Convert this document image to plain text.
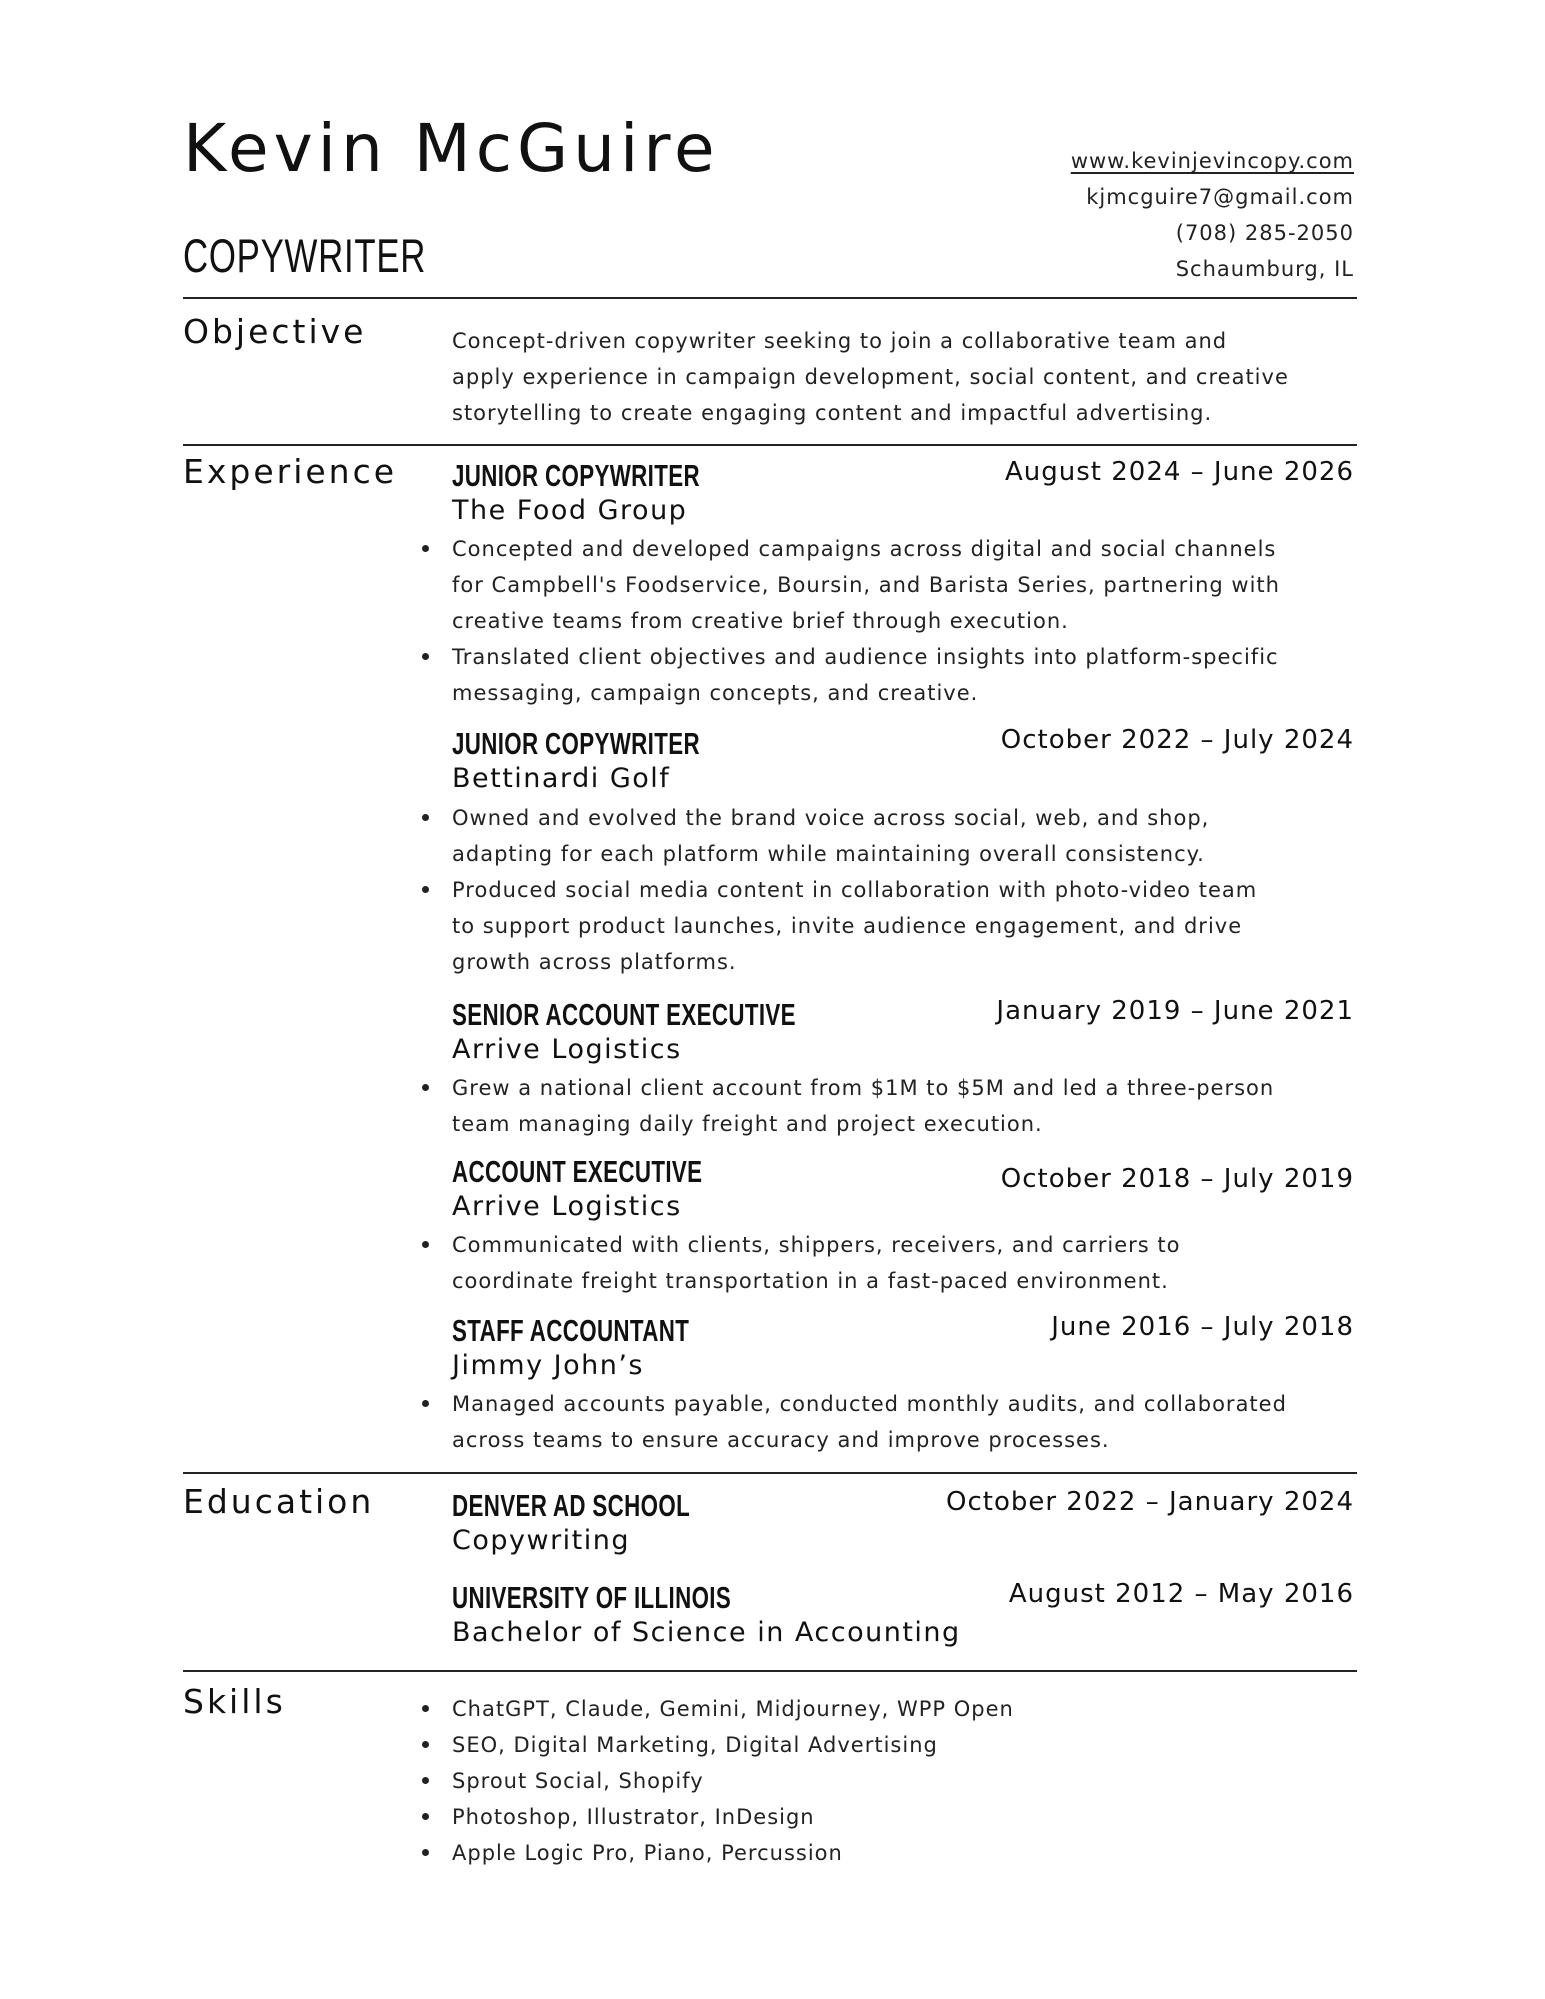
Kevin McGuire
COPYWRITER
www.kevinjevincopy.com
kjmcguire7@gmail.com
(708) 285-2050
Schaumburg, IL
Objective	Concept-driven copywriter seeking to join a collaborative team and
apply experience in campaign development, social content, and creative
storytelling to create engaging content and impactful advertising.
Experience JUNIOR COPYWRITER	August 2024 – June 2026
The Food Group
Concepted and developed campaigns across digital and social channels
for Campbell's Foodservice, Boursin, and Barista Series, partnering with
creative teams from creative brief through execution.
Translated client objectives and audience insights into platform-specific
messaging, campaign concepts, and creative.
JUNIOR COPYWRITER	October 2022 – July 2024
Bettinardi Golf
Owned and evolved the brand voice across social, web, and shop,
adapting for each platform while maintaining overall consistency.
Produced social media content in collaboration with photo-video team
to support product launches, invite audience engagement, and drive
growth across platforms.
SENIOR ACCOUNT EXECUTIVE	January 2019 – June 2021
Arrive Logistics
Grew a national client account from $1M to $5M and led a three-person
team managing daily freight and project execution.
ACCOUNT EXECUTIVE	October 2018 – July 2019
Arrive Logistics
Communicated with clients, shippers, receivers, and carriers to
coordinate freight transportation in a fast-paced environment.
STAFF ACCOUNTANT	June 2016 – July 2018
Jimmy John’s
Managed accounts payable, conducted monthly audits, and collaborated
across teams to ensure accuracy and improve processes.
Education	DENVER AD SCHOOL	October 2022 – January 2024
Copywriting
UNIVERSITY OF ILLINOIS	August 2012 – May 2016
Bachelor of Science in Accounting
Skills	ChatGPT, Claude, Gemini, Midjourney, WPP Open
SEO, Digital Marketing, Digital Advertising
Sprout Social, Shopify
Photoshop, Illustrator, InDesign
Apple Logic Pro, Piano, Percussion
